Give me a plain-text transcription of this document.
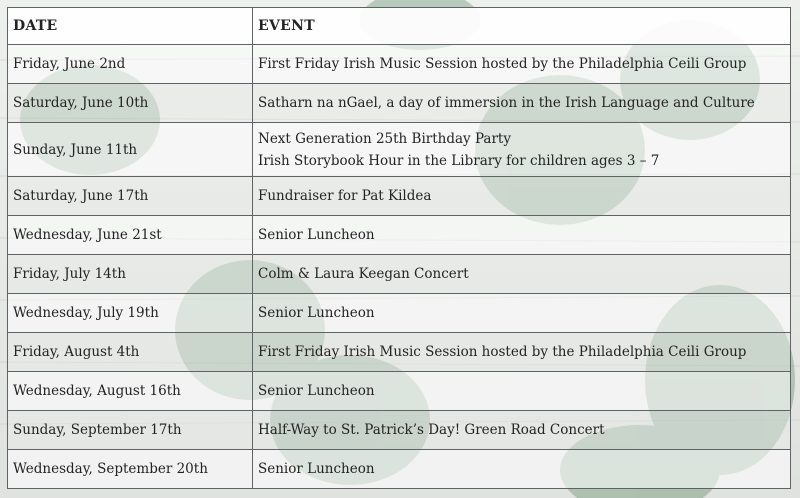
DATE	EVENT
Friday, June 2nd	First Friday Irish Music Session hosted by the Philadelphia Ceili Group

Saturday, June 10th	Satharn na nGael, a day of immersion in the Irish Language and Culture

Sunday, June 11th	Next Generation 25th Birthday Party
Irish Storybook Hour in the Library for children ages 3 – 7

Saturday, June 17th	Fundraiser for Pat Kildea

Wednesday, June 21st	Senior Luncheon

Friday, July 14th	Colm & Laura Keegan Concert

Wednesday, July 19th	Senior Luncheon

Friday, August 4th	First Friday Irish Music Session hosted by the Philadelphia Ceili Group

Wednesday, August 16th	Senior Luncheon

Sunday, September 17th	Half-Way to St. Patrick’s Day! Green Road Concert

Wednesday, September 20th	Senior Luncheon
